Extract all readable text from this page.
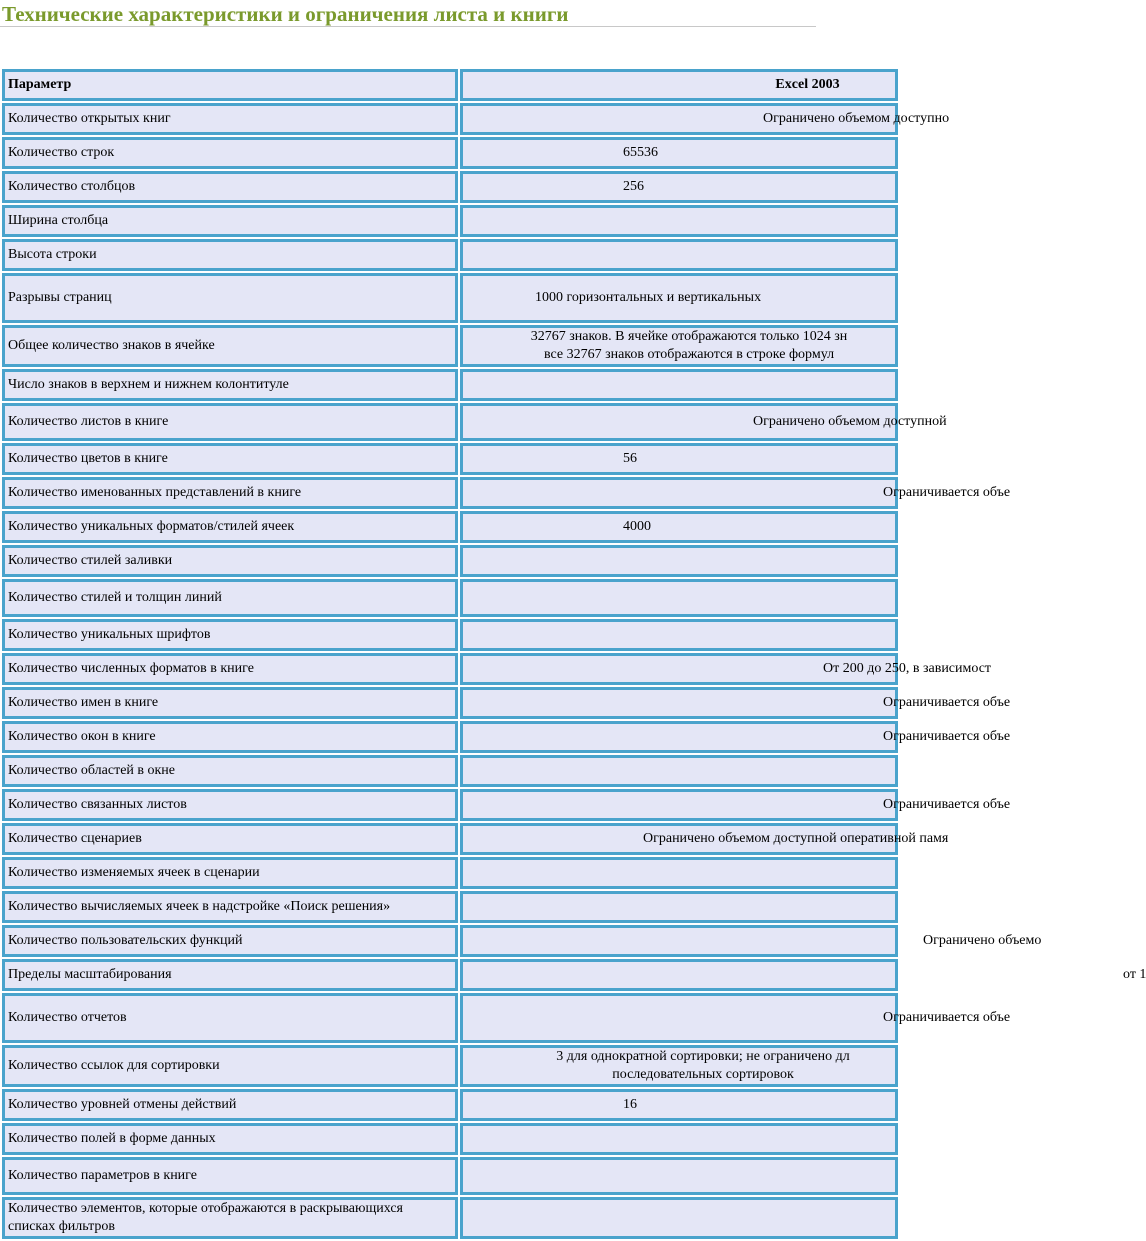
Технические характеристики и ограничения листа и книги
Параметр	Excel 2003
Количество открытых книг	Ограничено объемом доступно
Количество строк	65536
Количество столбцов	256
Ширина столбца	
Высота строки	
Разрывы страниц	1000 горизонтальных и вертикальных
Общее количество знаков в ячейке	32767 знаков. В ячейке отображаются только 1024 зн
все 32767 знаков отображаются в строке формул

Число знаков в верхнем и нижнем колонтитуле	
Количество листов в книге	Ограничено объемом доступной
Количество цветов в книге	56
Количество именованных представлений в книге	Ограничивается объе
Количество уникальных форматов/стилей ячеек	4000
Количество стилей заливки	
Количество стилей и толщин линий	
Количество уникальных шрифтов	
Количество численных форматов в книге	От 200 до 250, в зависимост
Количество имен в книге	Ограничивается объе
Количество окон в книге	Ограничивается объе
Количество областей в окне	
Количество связанных листов	Ограничивается объе
Количество сценариев	Ограничено объемом доступной оперативной памя
Количество изменяемых ячеек в сценарии	
Количество вычисляемых ячеек в надстройке «Поиск решения»	
Количество пользовательских функций	Ограничено объемо
Пределы масштабирования	от 1
Количество отчетов	Ограничивается объе
Количество ссылок для сортировки	3 для однократной сортировки; не ограничено дл
последовательных сортировок

Количество уровней отмены действий	16
Количество полей в форме данных	
Количество параметров в книге	
Количество элементов, которые отображаются в раскрывающихся списках фильтров	
